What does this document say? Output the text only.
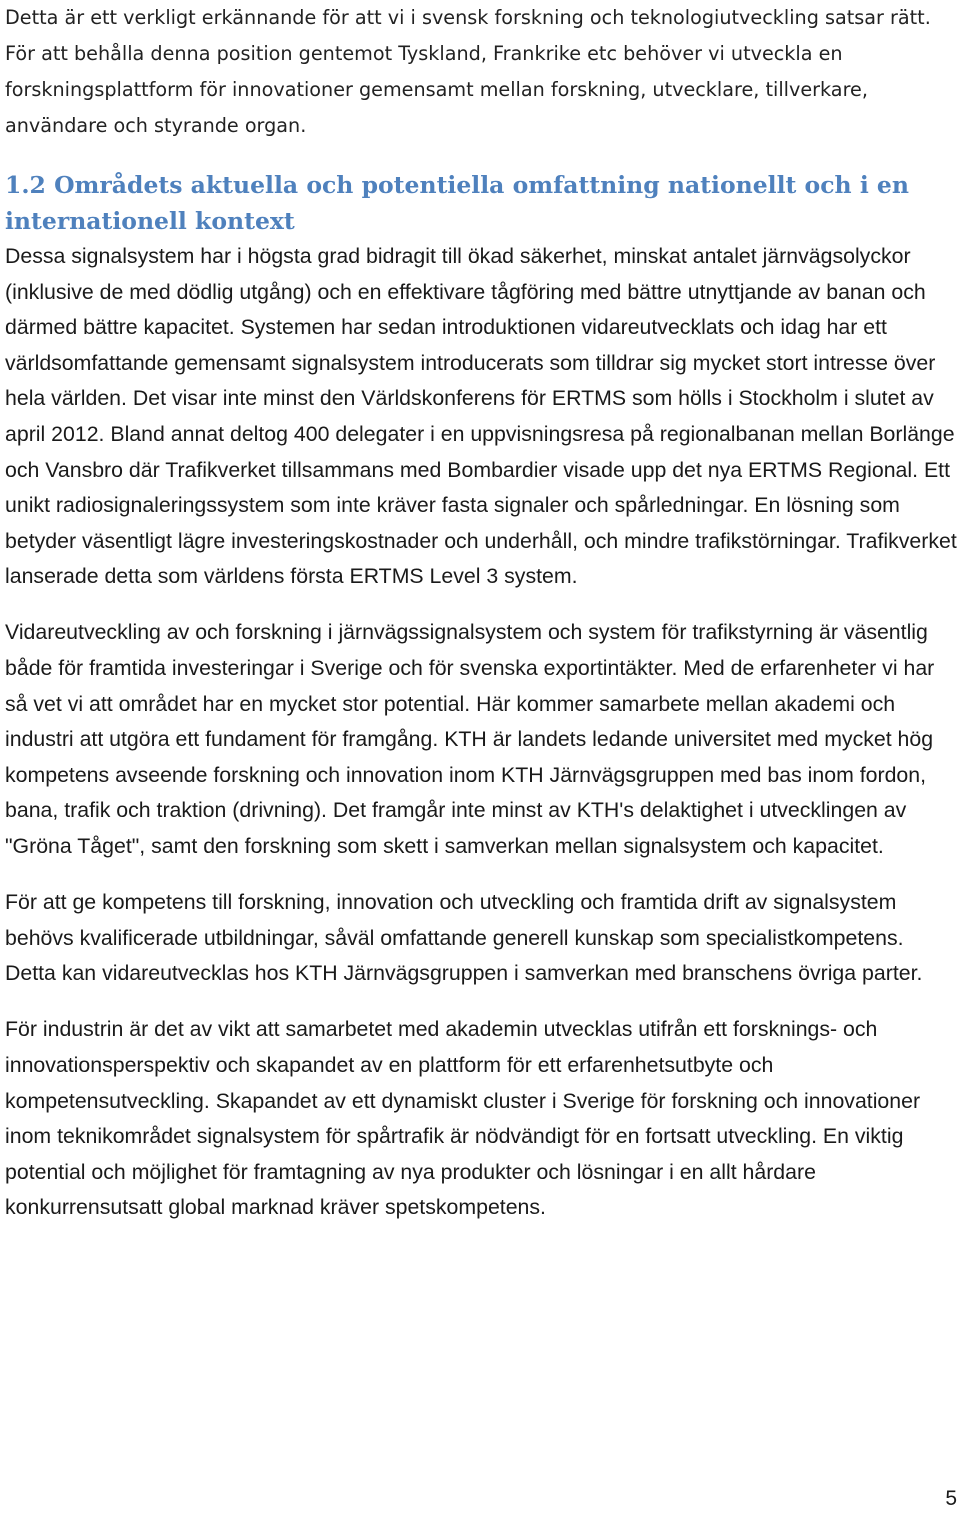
Detta är ett verkligt erkännande för att vi i svensk forskning och teknologiutveckling satsar rätt. För att behålla denna position gentemot Tyskland, Frankrike etc behöver vi utveckla en forskningsplattform för innovationer gemensamt mellan forskning, utvecklare, tillverkare, användare och styrande organ.

1.2 Områdets aktuella och potentiella omfattning nationellt och i en internationell kontext

Dessa signalsystem har i högsta grad bidragit till ökad säkerhet, minskat antalet järnvägsolyckor (inklusive de med dödlig utgång) och en effektivare tågföring med bättre utnyttjande av banan och därmed bättre kapacitet. Systemen har sedan introduktionen vidareutvecklats och idag har ett världsomfattande gemensamt signalsystem introducerats som tilldrar sig mycket stort intresse över hela världen. Det visar inte minst den Världskonferens för ERTMS som hölls i Stockholm i slutet av april 2012. Bland annat deltog 400 delegater i en uppvisningsresa på regionalbanan mellan Borlänge och Vansbro där Trafikverket tillsammans med Bombardier visade upp det nya ERTMS Regional. Ett unikt radiosignaleringssystem som inte kräver fasta signaler och spårledningar. En lösning som betyder väsentligt lägre investeringskostnader och underhåll, och mindre trafikstörningar. Trafikverket lanserade detta som världens första ERTMS Level 3 system.

Vidareutveckling av och forskning i järnvägssignalsystem och system för trafikstyrning är väsentlig både för framtida investeringar i Sverige och för svenska exportintäkter. Med de erfarenheter vi har så vet vi att området har en mycket stor potential. Här kommer samarbete mellan akademi och industri att utgöra ett fundament för framgång. KTH är landets ledande universitet med mycket hög kompetens avseende forskning och innovation inom KTH Järnvägsgruppen med bas inom fordon, bana, trafik och traktion (drivning). Det framgår inte minst av KTH's delaktighet i utvecklingen av "Gröna Tåget", samt den forskning som skett i samverkan mellan signalsystem och kapacitet.

För att ge kompetens till forskning, innovation och utveckling och framtida drift av signalsystem behövs kvalificerade utbildningar, såväl omfattande generell kunskap som specialistkompetens. Detta kan vidareutvecklas hos KTH Järnvägsgruppen i samverkan med branschens övriga parter.

För industrin är det av vikt att samarbetet med akademin utvecklas utifrån ett forsknings- och innovationsperspektiv och skapandet av en plattform för ett erfarenhetsutbyte och kompetensutveckling. Skapandet av ett dynamiskt cluster i Sverige för forskning och innovationer inom teknikområdet signalsystem för spårtrafik är nödvändigt för en fortsatt utveckling. En viktig potential och möjlighet för framtagning av nya produkter och lösningar i en allt hårdare konkurrensutsatt global marknad kräver spetskompetens.

5
